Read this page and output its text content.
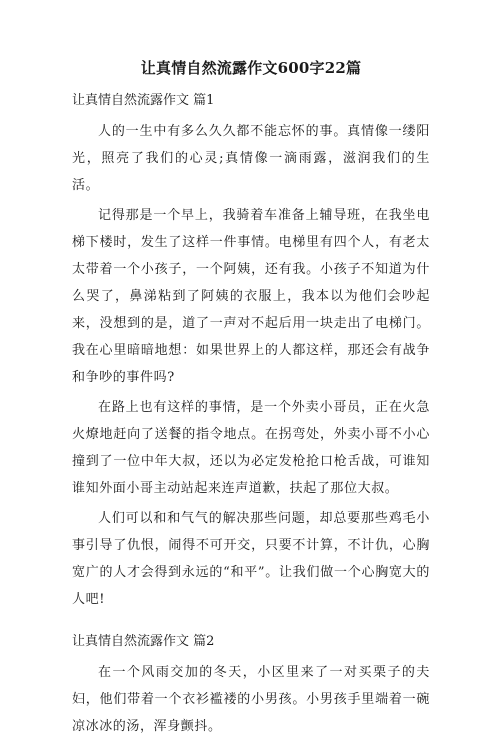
让真情自然流露作文600字22篇
让真情自然流露作文 篇1

人的一生中有多么久久都不能忘怀的事。真情像一缕阳光，照亮了我们的心灵;真情像一滴雨露，滋润我们的生活。

记得那是一个早上，我骑着车准备上辅导班，在我坐电梯下楼时，发生了这样一件事情。电梯里有四个人，有老太太带着一个小孩子，一个阿姨，还有我。小孩子不知道为什么哭了，鼻涕粘到了阿姨的衣服上，我本以为他们会吵起来，没想到的是，道了一声对不起后用一块走出了电梯门。我在心里暗暗地想：如果世界上的人都这样，那还会有战争和争吵的事件吗?

在路上也有这样的事情，是一个外卖小哥员，正在火急火燎地赶向了送餐的指令地点。在拐弯处，外卖小哥不小心撞到了一位中年大叔，还以为必定发枪抢口枪舌战，可谁知谁知外面小哥主动站起来连声道歉，扶起了那位大叔。

人们可以和和气气的解决那些问题，却总要那些鸡毛小事引导了仇恨，闹得不可开交，只要不计算，不计仇，心胸宽广的人才会得到永远的“和平”。让我们做一个心胸宽大的人吧!

让真情自然流露作文 篇2

在一个风雨交加的冬天，小区里来了一对买栗子的夫妇，他们带着一个衣衫褴褛的小男孩。小男孩手里端着一碗凉冰冰的汤，浑身颤抖。
